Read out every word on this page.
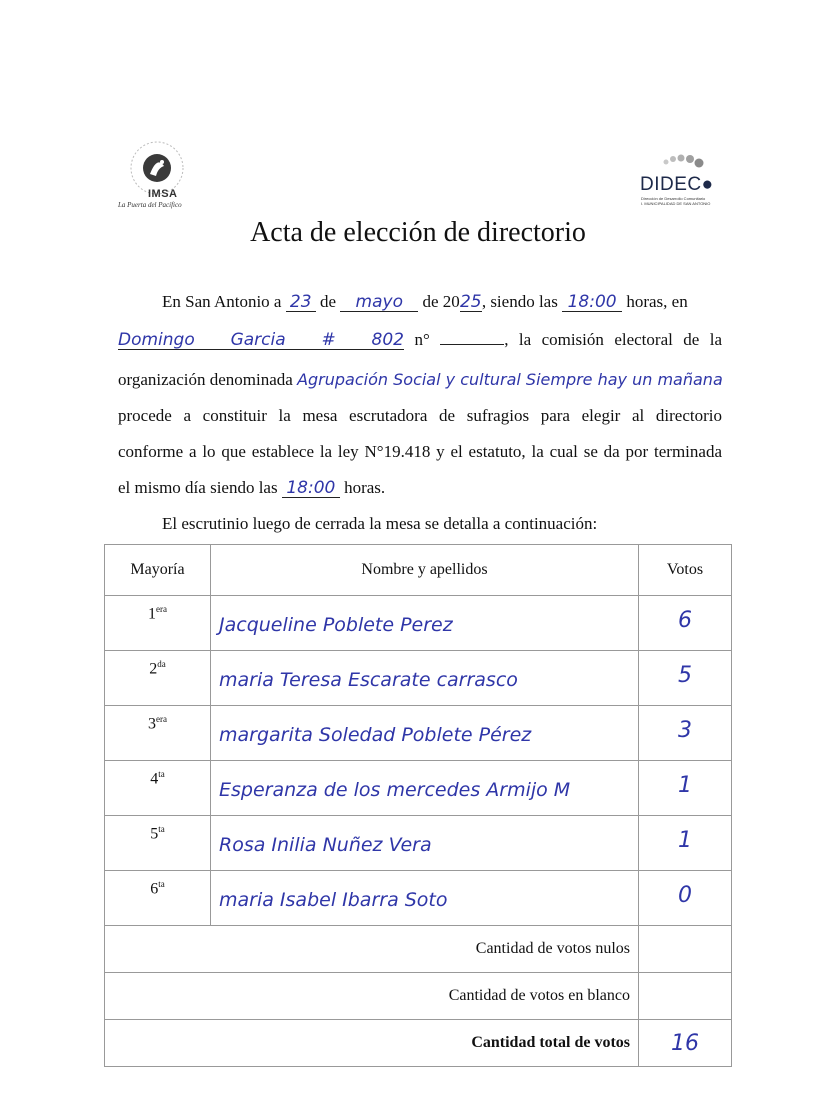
IMSA
La Puerta del Pacífico
DIDEC●
Dirección de Desarrollo Comunitario
I. MUNICIPALIDAD DE SAN ANTONIO
Acta de elección de directorio
En San Antonio a 23 de mayo de 2025, siendo las 18:00 horas, en
Domingo Garcia # 802 n°	, la comisión electoral de la
organización denominada Agrupación Social y cultural Siempre hay un mañana
procede a constituir la mesa escrutadora de sufragios para elegir al directorio
conforme a lo que establece la ley N°19.418 y el estatuto, la cual se da por terminada
el mismo día siendo las 18:00 horas.
El escrutinio luego de cerrada la mesa se detalla a continuación:
Mayoría	Nombre y apellidos	Votos
$1^{era}$	Jacqueline Poblete Perez	6
$2^{da}$	maria Teresa Escarate carrasco	5
$3^{era}$	margarita Soledad Poblete Pérez	3
$4^{ta}$	Esperanza de los mercedes Armijo M	1
$5^{ta}$	Rosa Inilia Nuñez Vera	1
$6^{ta}$	maria Isabel Ibarra Soto	0
Cantidad de votos nulos		
Cantidad de votos en blanco		
Cantidad total de votos		16
